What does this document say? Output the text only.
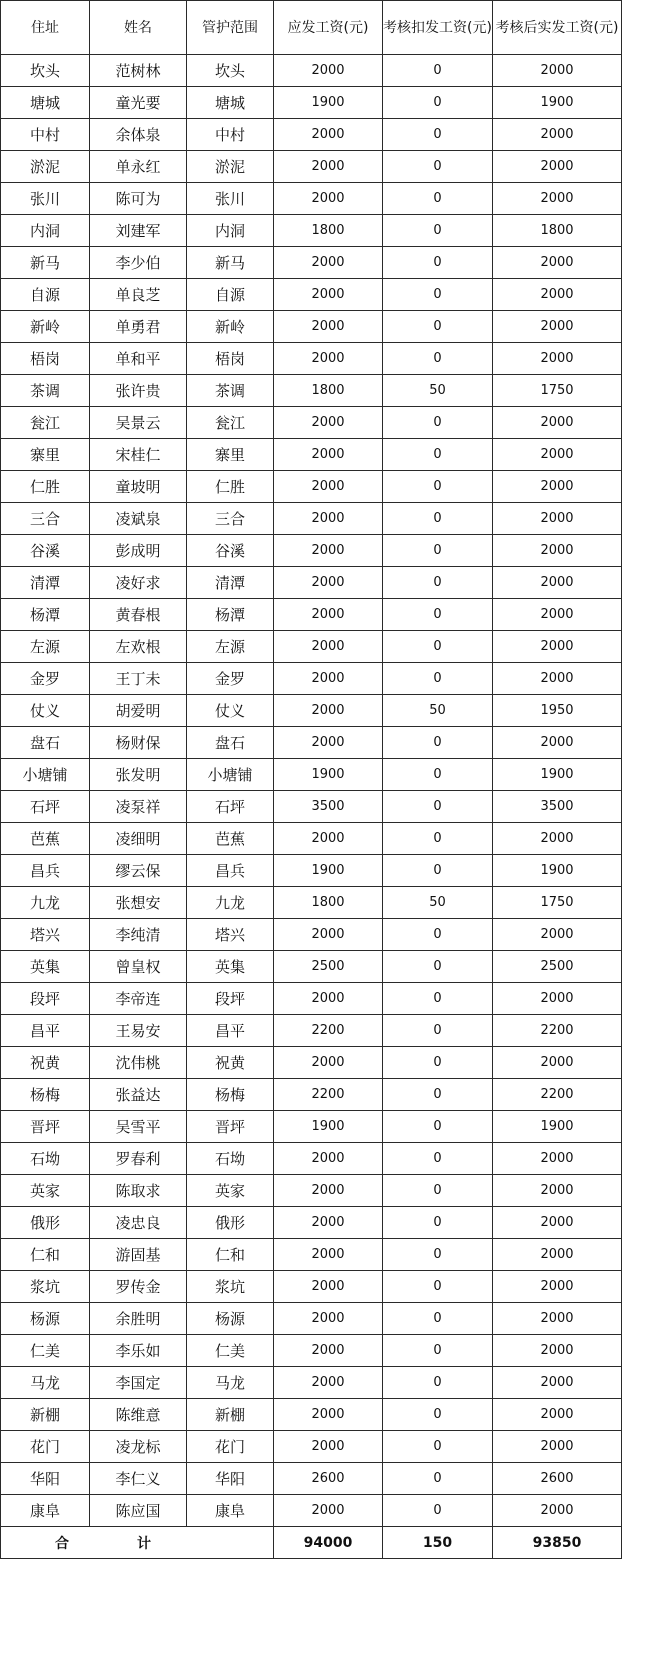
住址	姓名	管护范围	应发工资(元)	考核扣发工资(元)	考核后实发工资(元)
坎头	范树林	坎头	2000	0	2000
塘城	童光要	塘城	1900	0	1900
中村	余体泉	中村	2000	0	2000
淤泥	单永红	淤泥	2000	0	2000
张川	陈可为	张川	2000	0	2000
内洞	刘建军	内洞	1800	0	1800
新马	李少伯	新马	2000	0	2000
自源	单良芝	自源	2000	0	2000
新岭	单勇君	新岭	2000	0	2000
梧岗	单和平	梧岗	2000	0	2000
茶调	张许贵	茶调	1800	50	1750
瓮江	吴景云	瓮江	2000	0	2000
寨里	宋桂仁	寨里	2000	0	2000
仁胜	童坡明	仁胜	2000	0	2000
三合	凌斌泉	三合	2000	0	2000
谷溪	彭成明	谷溪	2000	0	2000
清潭	凌好求	清潭	2000	0	2000
杨潭	黄春根	杨潭	2000	0	2000
左源	左欢根	左源	2000	0	2000
金罗	王丁未	金罗	2000	0	2000
仗义	胡爱明	仗义	2000	50	1950
盘石	杨财保	盘石	2000	0	2000
小塘铺	张发明	小塘铺	1900	0	1900
石坪	凌泵祥	石坪	3500	0	3500
芭蕉	凌细明	芭蕉	2000	0	2000
昌兵	缪云保	昌兵	1900	0	1900
九龙	张想安	九龙	1800	50	1750
塔兴	李纯清	塔兴	2000	0	2000
英集	曾皇权	英集	2500	0	2500
段坪	李帝连	段坪	2000	0	2000
昌平	王易安	昌平	2200	0	2200
祝黄	沈伟桃	祝黄	2000	0	2000
杨梅	张益达	杨梅	2200	0	2200
晋坪	吴雪平	晋坪	1900	0	1900
石坳	罗春利	石坳	2000	0	2000
英家	陈取求	英家	2000	0	2000
俄形	凌忠良	俄形	2000	0	2000
仁和	游固基	仁和	2000	0	2000
浆坑	罗传金	浆坑	2000	0	2000
杨源	余胜明	杨源	2000	0	2000
仁美	李乐如	仁美	2000	0	2000
马龙	李国定	马龙	2000	0	2000
新棚	陈维意	新棚	2000	0	2000
花门	凌龙标	花门	2000	0	2000
华阳	李仁义	华阳	2600	0	2600
康阜	陈应国	康阜	2000	0	2000
合计			94000	150	93850
